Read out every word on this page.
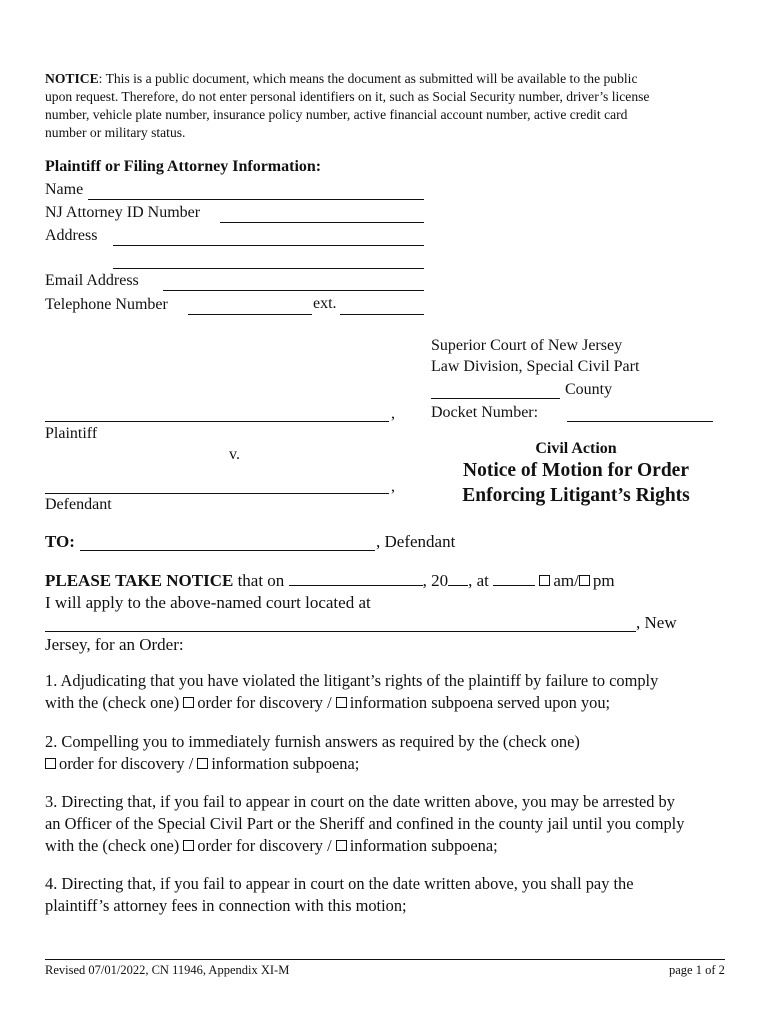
NOTICE: This is a public document, which means the document as submitted will be available to the public

upon request. Therefore, do not enter personal identifiers on it, such as Social Security number, driver’s license

number, vehicle plate number, insurance policy number, active financial account number, active credit card

number or military status.

Plaintiff or Filing Attorney Information:
Name
NJ Attorney ID Number
Address
Email Address
Telephone Number	ext.
Superior Court of New Jersey
Law Division, Special Civil Part
County
Docket Number:
,
Plaintiff
v.
,
Defendant
Civil Action
Notice of Motion for Order
Enforcing Litigant’s Rights
TO:	, Defendant
PLEASE TAKE NOTICE that on	, 20 , at	am/ pm
I will apply to the above-named court located at
, New
Jersey, for an Order:

1. Adjudicating that you have violated the litigant’s rights of the plaintiff by failure to comply

with the (check one) order for discovery / information subpoena served upon you;

2. Compelling you to immediately furnish answers as required by the (check one)

order for discovery / information subpoena;

3. Directing that, if you fail to appear in court on the date written above, you may be arrested by

an Officer of the Special Civil Part or the Sheriff and confined in the county jail until you comply

with the (check one) order for discovery / information subpoena;

4. Directing that, if you fail to appear in court on the date written above, you shall pay the

plaintiff’s attorney fees in connection with this motion;

Revised 07/01/2022, CN 11946, Appendix XI-M	page 1 of 2
